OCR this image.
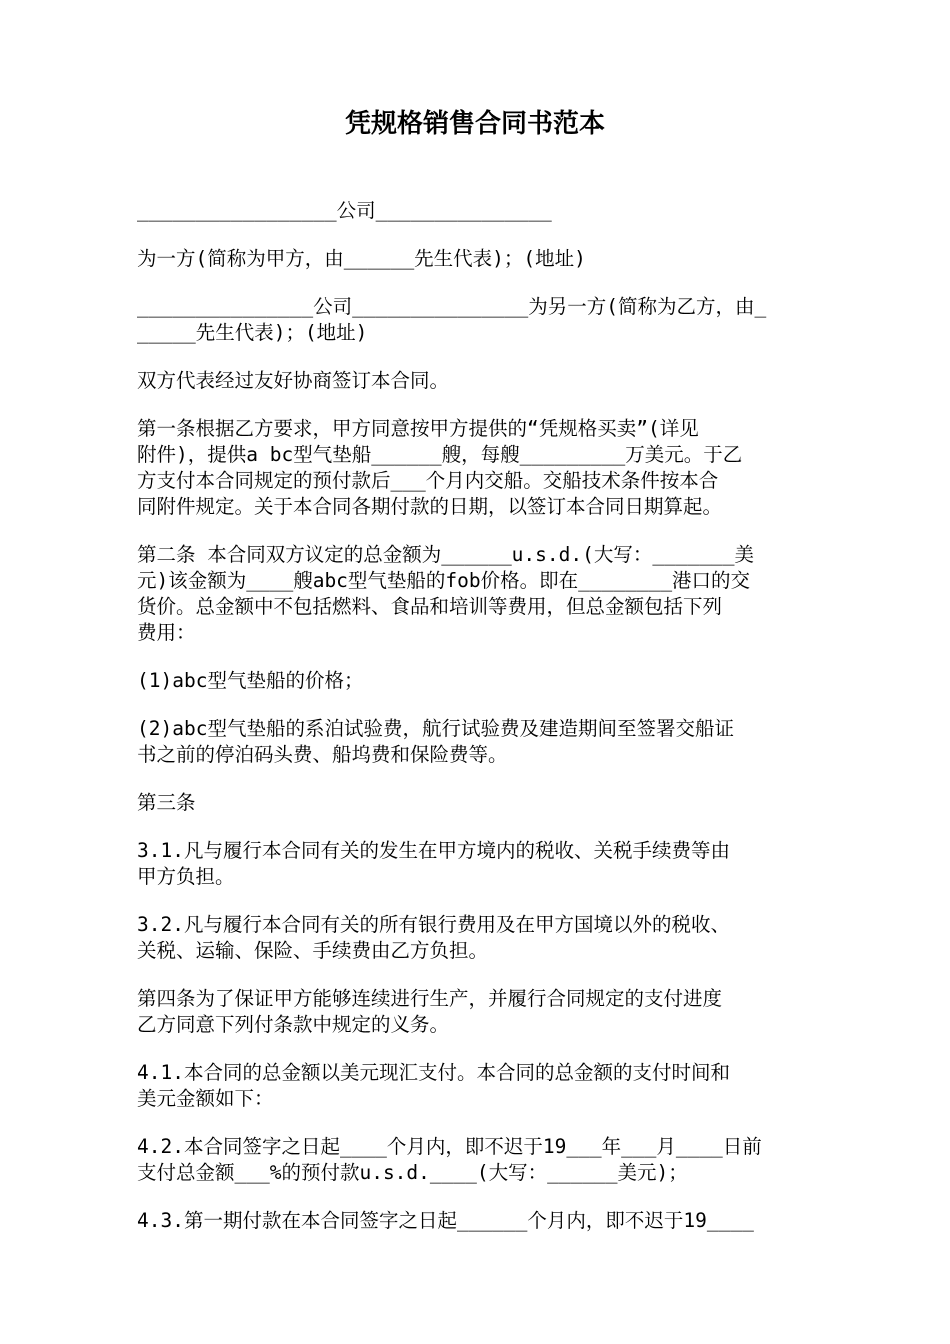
凭规格销售合同书范本

_________________公司_______________

为一方(简称为甲方，由______先生代表)；(地址)

_______________公司_______________为另一方(简称为乙方，由_
_____先生代表)；(地址)

双方代表经过友好协商签订本合同。

第一条根据乙方要求，甲方同意按甲方提供的“凭规格买卖”(详见
附件)，提供a bc型气垫船______艘，每艘_________万美元。于乙
方支付本合同规定的预付款后___个月内交船。交船技术条件按本合
同附件规定。关于本合同各期付款的日期，以签订本合同日期算起。

第二条 本合同双方议定的总金额为______u.s.d.(大写：_______美
元)该金额为____艘abc型气垫船的fob价格。即在________港口的交
货价。总金额中不包括燃料、食品和培训等费用，但总金额包括下列
费用：

(1)abc型气垫船的价格；

(2)abc型气垫船的系泊试验费，航行试验费及建造期间至签署交船证
书之前的停泊码头费、船坞费和保险费等。

第三条

3.1.凡与履行本合同有关的发生在甲方境内的税收、关税手续费等由
甲方负担。

3.2.凡与履行本合同有关的所有银行费用及在甲方国境以外的税收、
关税、运输、保险、手续费由乙方负担。

第四条为了保证甲方能够连续进行生产，并履行合同规定的支付进度
乙方同意下列付条款中规定的义务。

4.1.本合同的总金额以美元现汇支付。本合同的总金额的支付时间和
美元金额如下：

4.2.本合同签字之日起____个月内，即不迟于19___年___月____日前
支付总金额___%的预付款u.s.d.____(大写：______美元)；

4.3.第一期付款在本合同签字之日起______个月内，即不迟于19____
